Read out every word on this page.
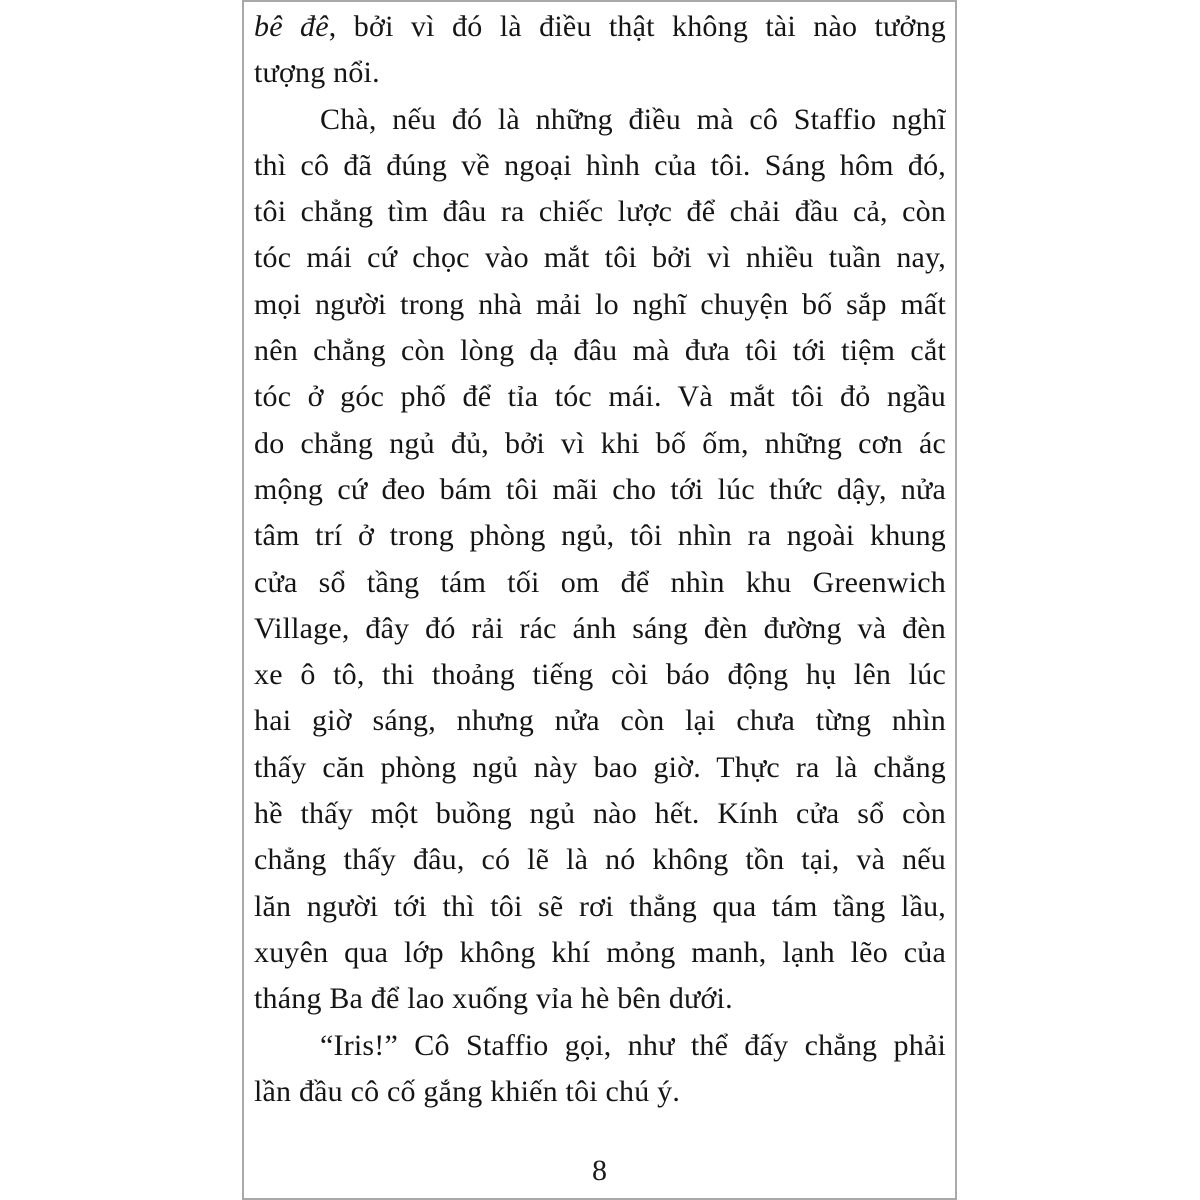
bê đê, bởi vì đó là điều thật không tài nào tưởng
tượng nổi.
Chà, nếu đó là những điều mà cô Staffio nghĩ
thì cô đã đúng về ngoại hình của tôi. Sáng hôm đó,
tôi chẳng tìm đâu ra chiếc lược để chải đầu cả, còn
tóc mái cứ chọc vào mắt tôi bởi vì nhiều tuần nay,
mọi người trong nhà mải lo nghĩ chuyện bố sắp mất
nên chẳng còn lòng dạ đâu mà đưa tôi tới tiệm cắt
tóc ở góc phố để tỉa tóc mái. Và mắt tôi đỏ ngầu
do chẳng ngủ đủ, bởi vì khi bố ốm, những cơn ác
mộng cứ đeo bám tôi mãi cho tới lúc thức dậy, nửa
tâm trí ở trong phòng ngủ, tôi nhìn ra ngoài khung
cửa sổ tầng tám tối om để nhìn khu Greenwich
Village, đây đó rải rác ánh sáng đèn đường và đèn
xe ô tô, thi thoảng tiếng còi báo động hụ lên lúc
hai giờ sáng, nhưng nửa còn lại chưa từng nhìn
thấy căn phòng ngủ này bao giờ. Thực ra là chẳng
hề thấy một buồng ngủ nào hết. Kính cửa sổ còn
chẳng thấy đâu, có lẽ là nó không tồn tại, và nếu
lăn người tới thì tôi sẽ rơi thẳng qua tám tầng lầu,
xuyên qua lớp không khí mỏng manh, lạnh lẽo của
tháng Ba để lao xuống vỉa hè bên dưới.
“Iris!” Cô Staffio gọi, như thể đấy chẳng phải
lần đầu cô cố gắng khiến tôi chú ý.
8
